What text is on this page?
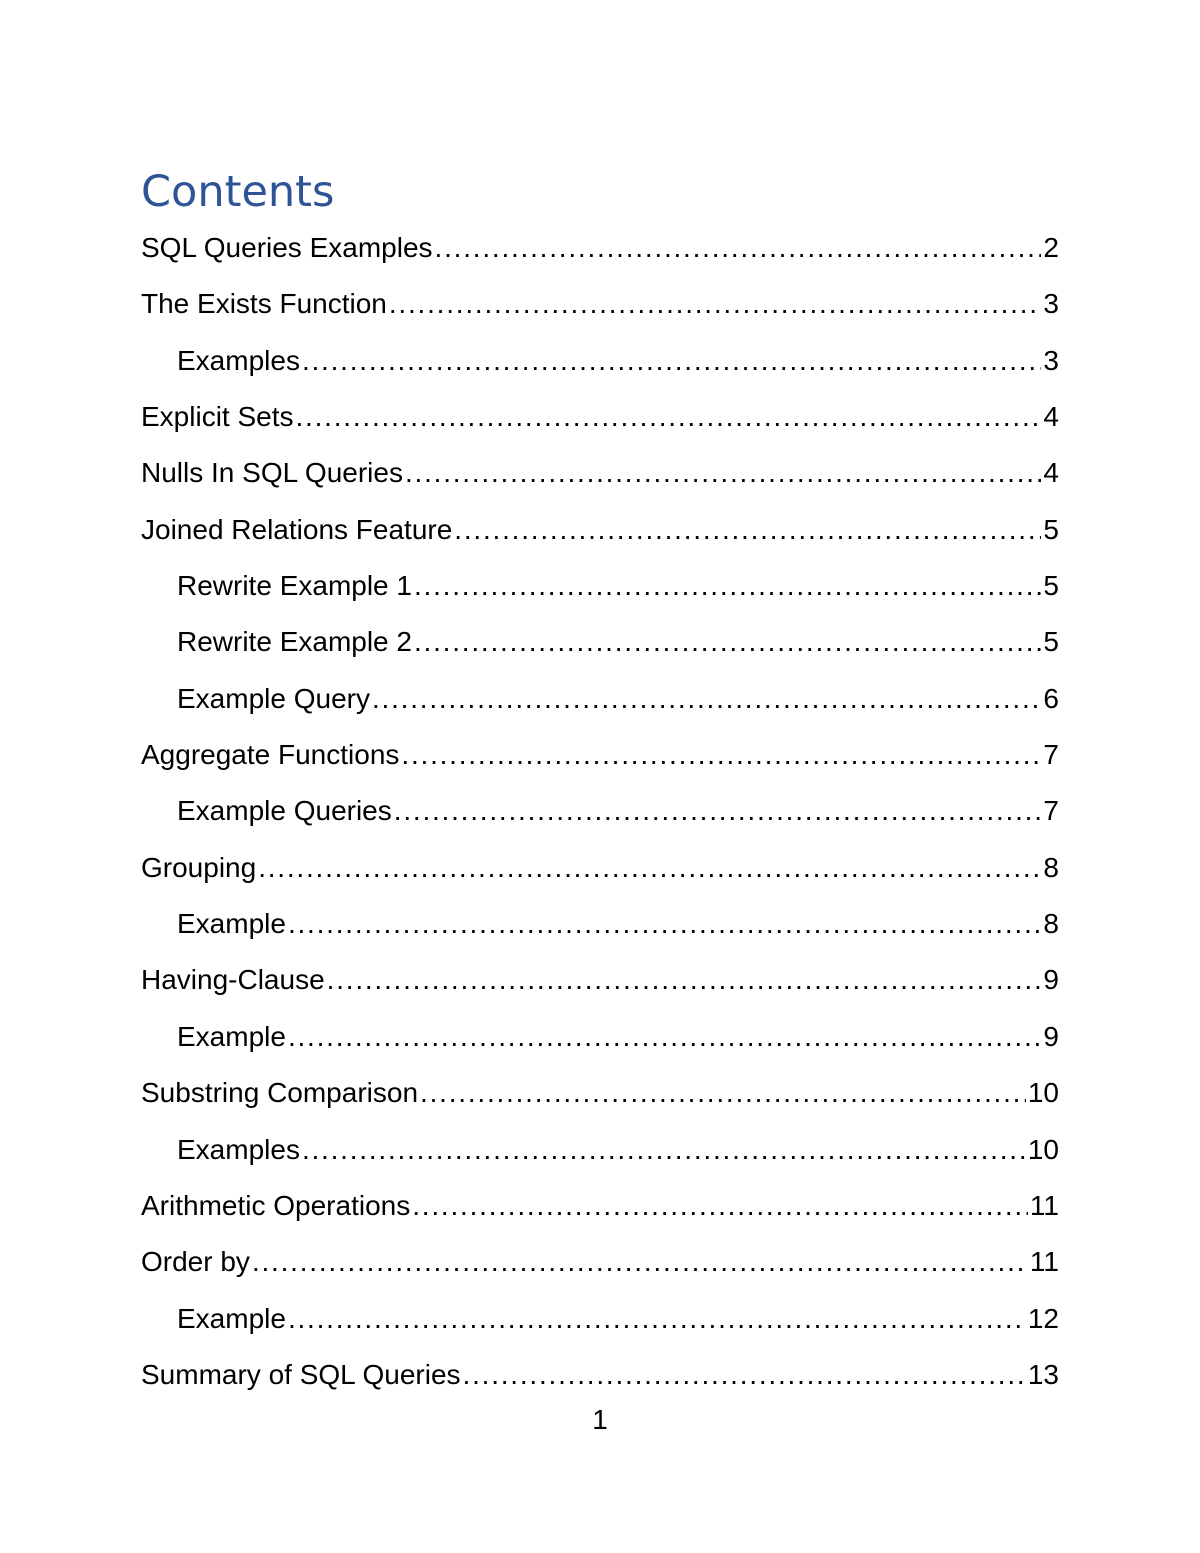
Contents
SQL Queries Examples . . .	2
The Exists Function . . .	3
Examples . . .	3
Explicit Sets . . .	4
Nulls In SQL Queries . . .	4
Joined Relations Feature . . .	5
Rewrite Example 1 . . .	5
Rewrite Example 2 . . .	5
Example Query . . .	6
Aggregate Functions . . .	7
Example Queries . . .	7
Grouping . . .	8
Example . . .	8
Having-Clause . . .	9
Example . . .	9
Substring Comparison . . .	10
Examples . . .	10
Arithmetic Operations . . .	11
Order by . . .	11
Example . . .	12
Summary of SQL Queries . . .	13
1
